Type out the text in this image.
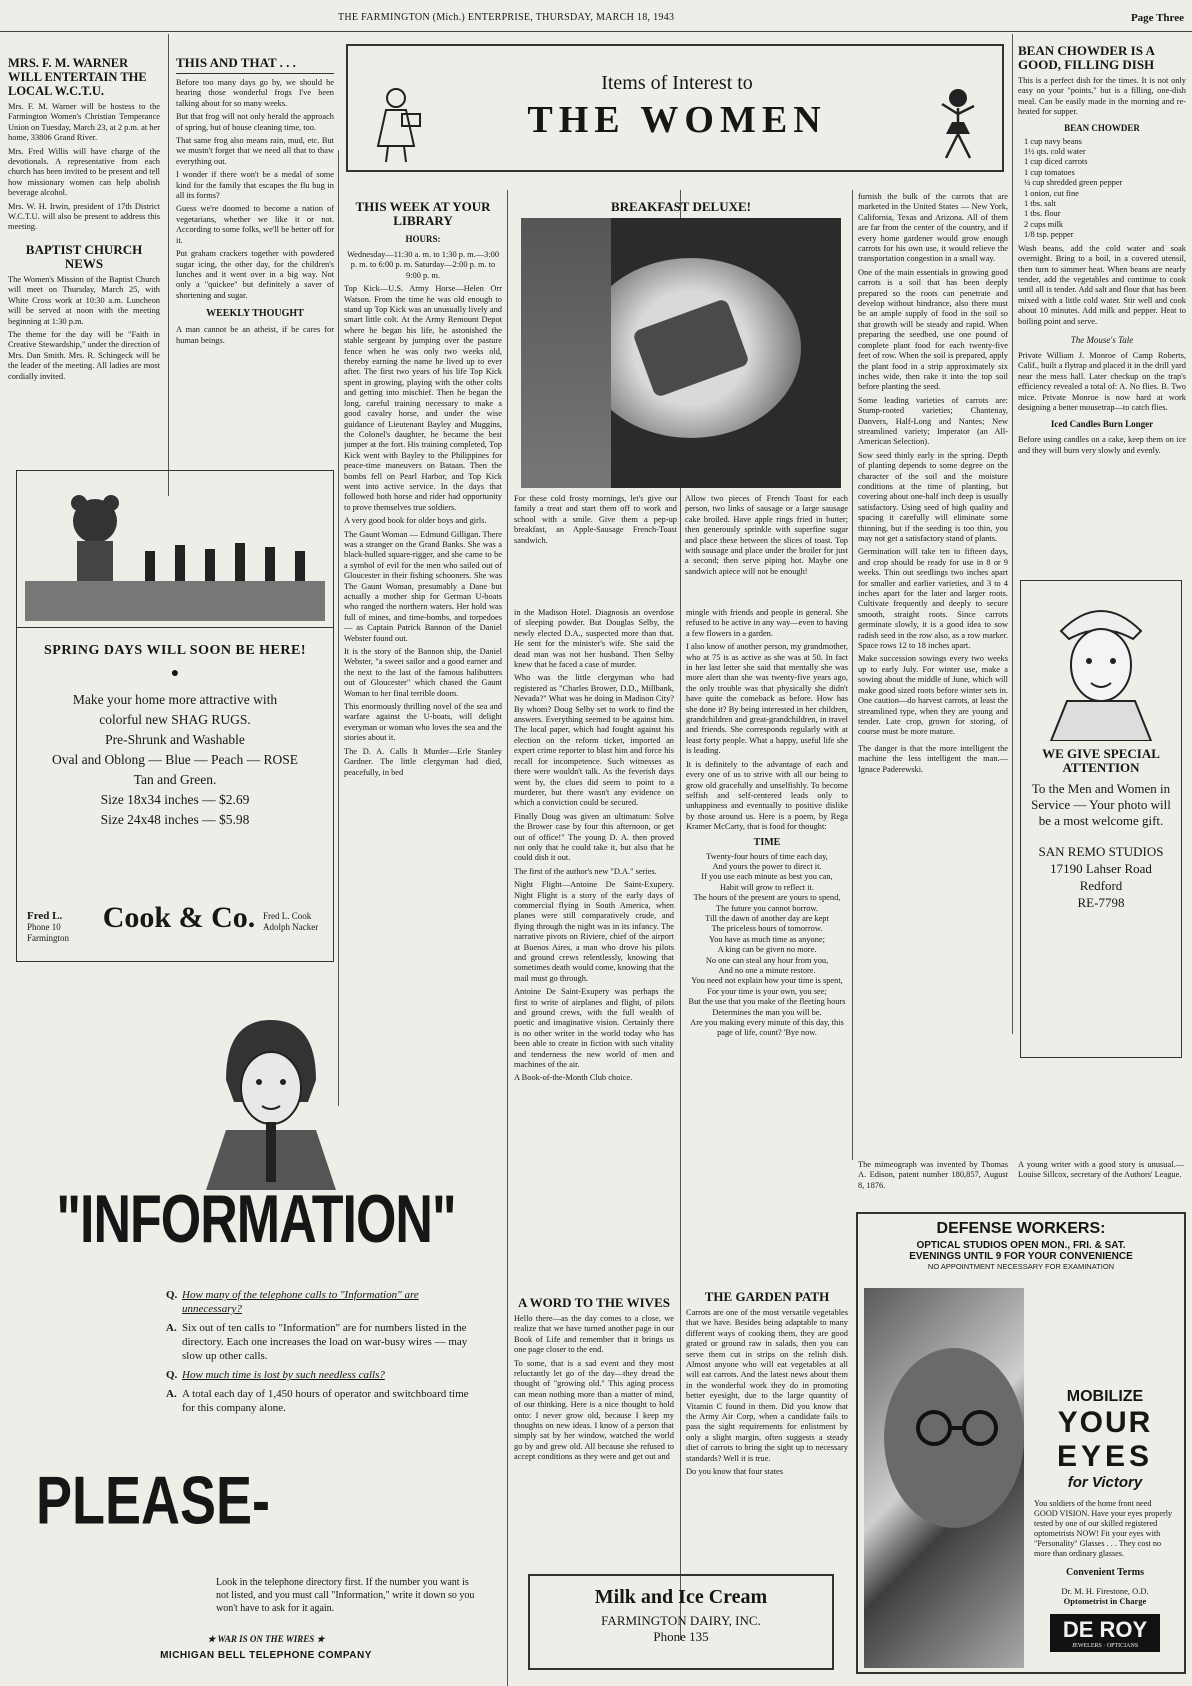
THE FARMINGTON (Mich.) ENTERPRISE, THURSDAY, MARCH 18, 1943	Page Three
MRS. F. M. WARNER WILL ENTERTAIN THE LOCAL W.C.T.U.

Mrs. F. M. Warner will be hostess to the Farmington Women's Christian Temperance Union on Tuesday, March 23, at 2 p.m. at her home, 33806 Grand River.

Mrs. Fred Willis will have charge of the devotionals. A representative from each church has been invited to be present and tell how missionary women can help abolish beverage alcohol.

Mrs. W. H. Irwin, president of 17th District W.C.T.U. will also be present to address this meeting.

BAPTIST CHURCH NEWS

The Women's Mission of the Baptist Church will meet on Thursday, March 25, with White Cross work at 10:30 a.m. Luncheon will be served at noon with the meeting beginning at 1:30 p.m.

The theme for the day will be "Faith in Creative Stewardship," under the direction of Mrs. Dan Smith. Mrs. R. Schingeck will be the leader of the meeting. All ladies are most cordially invited.

THIS AND THAT . . .

Before too many days go by, we should be hearing those wonderful frogs I've been talking about for so many weeks.

But that frog will not only herald the approach of spring, but of house cleaning time, too.

That same frog also means rain, mud, etc. But we mustn't forget that we need all that to thaw everything out.

I wonder if there won't be a medal of some kind for the family that escapes the flu bug in all its forms?

Guess we're doomed to become a nation of vegetarians, whether we like it or not. According to some folks, we'll be better off for it.

Put graham crackers together with powdered sugar icing, the other day, for the children's lunches and it went over in a big way. Not only a "quickee" but definitely a saver of shortening and sugar.

WEEKLY THOUGHT

A man cannot be an atheist, if he cares for human beings.

Items of Interest to
THE WOMEN
THIS WEEK AT YOUR LIBRARY
HOURS:

Wednesday—11:30 a. m. to 1:30 p. m.—3:00 p. m. to 6:00 p. m. Saturday—2:00 p. m. to 9:00 p. m.

Top Kick—U.S. Army Horse—Helen Orr Watson. From the time he was old enough to stand up Top Kick was an unusually lively and smart little colt. At the Army Remount Depot where he began his life, he astonished the stable sergeant by jumping over the pasture fence when he was only two weeks old, thereby earning the name he lived up to ever after. The first two years of his life Top Kick spent in growing, playing with the other colts and getting into mischief. Then he began the long, careful training necessary to make a good cavalry horse, and under the wise guidance of Lieutenant Bayley and Muggins, the Colonel's daughter, he became the best jumper at the fort. His training completed, Top Kick went with Bayley to the Philippines for peace-time maneuvers on Bataan. Then the bombs fell on Pearl Harbor, and Top Kick went into active service. In the days that followed both horse and rider had opportunity to prove themselves true soldiers.

A very good book for older boys and girls.

The Gaunt Woman — Edmund Gilligan. There was a stranger on the Grand Banks. She was a black-hulled square-rigger, and she came to be a symbol of evil for the men who sailed out of Gloucester in their fishing schooners. She was The Gaunt Woman, presumably a Dane but actually a mother ship for German U-boats who ranged the northern waters. Her hold was full of mines, and time-bombs, and torpedoes — as Captain Patrick Bannon of the Daniel Webster found out.

It is the story of the Bannon ship, the Daniel Webster, "a sweet sailor and a good earner and the next to the last of the famous halibutters out of Gloucester" which chased the Gaunt Woman to her final terrible doom.

This enormously thrilling novel of the sea and warfare against the U-boats, will delight everyman or woman who loves the sea and the stories about it.

The D. A. Calls It Murder—Erle Stanley Gardner. The little clergyman had died, peacefully, in bed

BREAKFAST DELUXE!

For these cold frosty mornings, let's give our family a treat and start them off to work and school with a smile. Give them a pep-up breakfast, an Apple-Sausage French-Toast sandwich.

Allow two pieces of French Toast for each person, two links of sausage or a large sausage cake broiled. Have apple rings fried in butter; then generously sprinkle with superfine sugar and place these between the slices of toast. Top with sausage and place under the broiler for just a second; then serve piping hot. Maybe one sandwich apiece will not be enough!

in the Madison Hotel. Diagnosis an overdose of sleeping powder. But Douglas Selby, the newly elected D.A., suspected more than that. He sent for the minister's wife. She said the dead man was not her husband. Then Selby knew that he faced a case of murder.

Who was the little clergyman who had registered as "Charles Brower, D.D., Millbank, Nevada?" What was he doing in Madison City? By whom? Doug Selby set to work to find the answers. Everything seemed to be against him. The local paper, which had fought against his election on the reform ticket, imported an expert crime reporter to blast him and force his recall for incompetence. Such witnesses as there were wouldn't talk. As the feverish days went by, the clues did seem to point to a murderer, but there wasn't any evidence on which a conviction could be secured.

Finally Doug was given an ultimatum: Solve the Brower case by four this afternoon, or get out of office!" The young D. A. then proved not only that he could take it, but also that he could dish it out.

The first of the author's new "D.A." series.

Night Flight—Antoine De Saint-Exupery. Night Flight is a story of the early days of commercial flying in South America, when planes were still comparatively crude, and flying through the night was in its infancy. The narrative pivots on Riviere, chief of the airport at Buenos Aires, a man who drove his pilots and ground crews relentlessly, knowing that sometimes death would come, knowing that the mail must go through.

Antoine De Saint-Exupery was perhaps the first to write of airplanes and flight, of pilots and ground crews, with the full wealth of poetic and imaginative vision. Certainly there is no other writer in the world today who has been able to create in fiction with such vitality and tenderness the new world of men and machines of the air.

A Book-of-the-Month Club choice.

A WORD TO THE WIVES

Hello there—as the day comes to a close, we realize that we have turned another page in our Book of Life and remember that it brings us one page closer to the end.

To some, that is a sad event and they most reluctantly let go of the day—they dread the thought of "growing old." This aging process can mean nothing more than a matter of mind, of our thinking. Here is a nice thought to hold onto: I never grow old, because I keep my thoughts on new ideas. I know of a person that simply sat by her window, watched the world go by and grew old. All because she refused to accept conditions as they were and get out and

mingle with friends and people in general. She refused to be active in any way—even to having a few flowers in a garden.

I also know of another person, my grandmother, who at 75 is as active as she was at 50. In fact in her last letter she said that mentally she was more alert than she was twenty-five years ago, the only trouble was that physically she didn't have quite the comeback as before. How has she done it? By being interested in her children, grandchildren and great-grandchildren, in travel and friends. She corresponds regularly with at least forty people. What a happy, useful life she is leading.

It is definitely to the advantage of each and every one of us to strive with all our being to grow old gracefully and unselfishly. To become selfish and self-centered leads only to unhappiness and eventually to positive dislike by those around us. Here is a poem, by Rega Kramer McCarty, that is food for thought:

TIME
Twenty-four hours of time each day,
And yours the power to direct it.
If you use each minute as best you can,
Habit will grow to reflect it.
The hours of the present are yours to spend,
The future you cannot borrow.
Till the dawn of another day are kept
The priceless hours of tomorrow.
You have as much time as anyone;
A king can be given no more.
No one can steal any hour from you,
And no one a minute restore.
You need not explain how your time is spent,
For your time is your own, you see;
But the use that you make of the fleeting hours
Determines the man you will be.
Are you making every minute of this day, this page of life, count? 'Bye now.
THE GARDEN PATH

Carrots are one of the most versatile vegetables that we have. Besides being adaptable to many different ways of cooking them, they are good grated or ground raw in salads, then you can serve them cut in strips on the relish dish. Almost anyone who will eat vegetables at all will eat carrots. And the latest news about them in the wonderful work they do in promoting better eyesight, due to the large quantity of Vitamin C found in them. Did you know that the Army Air Corp, when a candidate fails to pass the sight requirements for enlistment by only a slight margin, often suggests a steady diet of carrots to bring the sight up to necessary standards? Well it is true.

Do you know that four states

furnish the bulk of the carrots that are marketed in the United States — New York, California, Texas and Arizona. All of them are far from the center of the country, and if every home gardener would grow enough carrots for his own use, it would relieve the transportation congestion in a small way.

One of the main essentials in growing good carrots is a soil that has been deeply prepared so the roots can penetrate and develop without hindrance, also there must be an ample supply of food in the soil so that growth will be steady and rapid. When preparing the seedbed, use one pound of complete plant food for each twenty-five feet of row. When the soil is prepared, apply the plant food in a strip approximately six inches wide, then rake it into the top soil before planting the seed.

Some leading varieties of carrots are: Stump-rooted varieties; Chantenay, Danvers, Half-Long and Nantes; New streamlined variety; Imperator (an All-American Selection).

Sow seed thinly early in the spring. Depth of planting depends to some degree on the character of the soil and the moisture conditions at the time of planting, but covering about one-half inch deep is usually satisfactory. Using seed of high quality and spacing it carefully will eliminate some thinning, but if the seeding is too thin, you may not get a satisfactory stand of plants.

Germination will take ten to fifteen days, and crop should be ready for use in 8 or 9 weeks. Thin out seedlings two inches apart for smaller and earlier varieties, and 3 to 4 inches apart for the later and larger roots. Cultivate frequently and deeply to secure smooth, straight roots. Since carrots germinate slowly, it is a good idea to sow radish seed in the row also, as a row marker. Space rows 12 to 18 inches apart.

Make succession sowings every two weeks up to early July. For winter use, make a sowing about the middle of June, which will make good sized roots before winter sets in. One caution—do harvest carrots, at least the streamlined type, when they are young and tender. Late crop, grown for storing, of course must be more mature.

The danger is that the more intelligent the machine the less intelligent the man.—Ignace Paderewski.

BEAN CHOWDER IS A GOOD, FILLING DISH

This is a perfect dish for the times. It is not only easy on your "points," but is a filling, one-dish meal. Can be easily made in the morning and re-heated for supper.

BEAN CHOWDER
1 cup navy beans
1½ qts. cold water
1 cup diced carrots
1 cup tomatoes
¼ cup shredded green pepper
1 onion, cut fine
1 tbs. salt
1 tbs. flour
2 cups milk
1/8 tsp. pepper

Wash beans, add the cold water and soak overnight. Bring to a boil, in a covered utensil, then turn to simmer heat. When beans are nearly tender, add the vegetables and continue to cook until all is tender. Add salt and flour that has been mixed with a little cold water. Stir well and cook about 10 minutes. Add milk and pepper. Heat to boiling point and serve.

The Mouse's Tale

Private William J. Monroe of Camp Roberts, Calif., built a flytrap and placed it in the drill yard near the mess hall. Later checkup on the trap's efficiency revealed a total of: A. No flies. B. Two mice. Private Monroe is now hard at work designing a better mousetrap—to catch flies.

Iced Candles Burn Longer

Before using candles on a cake, keep them on ice and they will burn very slowly and evenly.

WE GIVE SPECIAL ATTENTION

To the Men and Women in Service — Your photo will be a most welcome gift.

SAN REMO STUDIOS

17190 Lahser Road

Redford

RE-7798

The mimeograph was invented by Thomas A. Edison, patent number 180,857, August 8, 1876.

A young writer with a good story is unusual.—Louise Sillcox, secretary of the Authors' League.

SPRING DAYS WILL SOON BE HERE!
●
Make your home more attractive with
colorful new SHAG RUGS.
Pre-Shrunk and Washable
Oval and Oblong — Blue — Peach — ROSE
Tan and Green.
Size 18x34 inches — $2.69
Size 24x48 inches — $5.98
Fred L.
Phone 10
Farmington
Cook & Co. Fred L. Cook
Adolph Nacker
"INFORMATION"
Q. How many of the telephone calls to "Information" are unnecessary?
A. Six out of ten calls to "Information" are for numbers listed in the directory. Each one increases the load on war-busy wires — may slow up other calls.
Q. How much time is lost by such needless calls?
A. A total each day of 1,450 hours of operator and switchboard time for this company alone.
PLEASE-

Look in the telephone directory first. If the number you want is not listed, and you must call "Information," write it down so you won't have to ask for it again.

★ WAR IS ON THE WIRES ★
MICHIGAN BELL TELEPHONE COMPANY
Milk and Ice Cream
FARMINGTON DAIRY, INC.
Phone 135
DEFENSE WORKERS:
OPTICAL STUDIOS OPEN MON., FRI. & SAT.
EVENINGS UNTIL 9 FOR YOUR CONVENIENCE
NO APPOINTMENT NECESSARY FOR EXAMINATION
MOBILIZE
YOUR
EYES
for Victory

You soldiers of the home front need GOOD VISION. Have your eyes properly tested by one of our skilled registered optometrists NOW! Fit your eyes with "Personality" Glasses . . . They cost no more than ordinary glasses.

Convenient Terms
Dr. M. H. Firestone, O.D.
Optometrist in Charge
DE ROY
JEWELERS · OPTICIANS
